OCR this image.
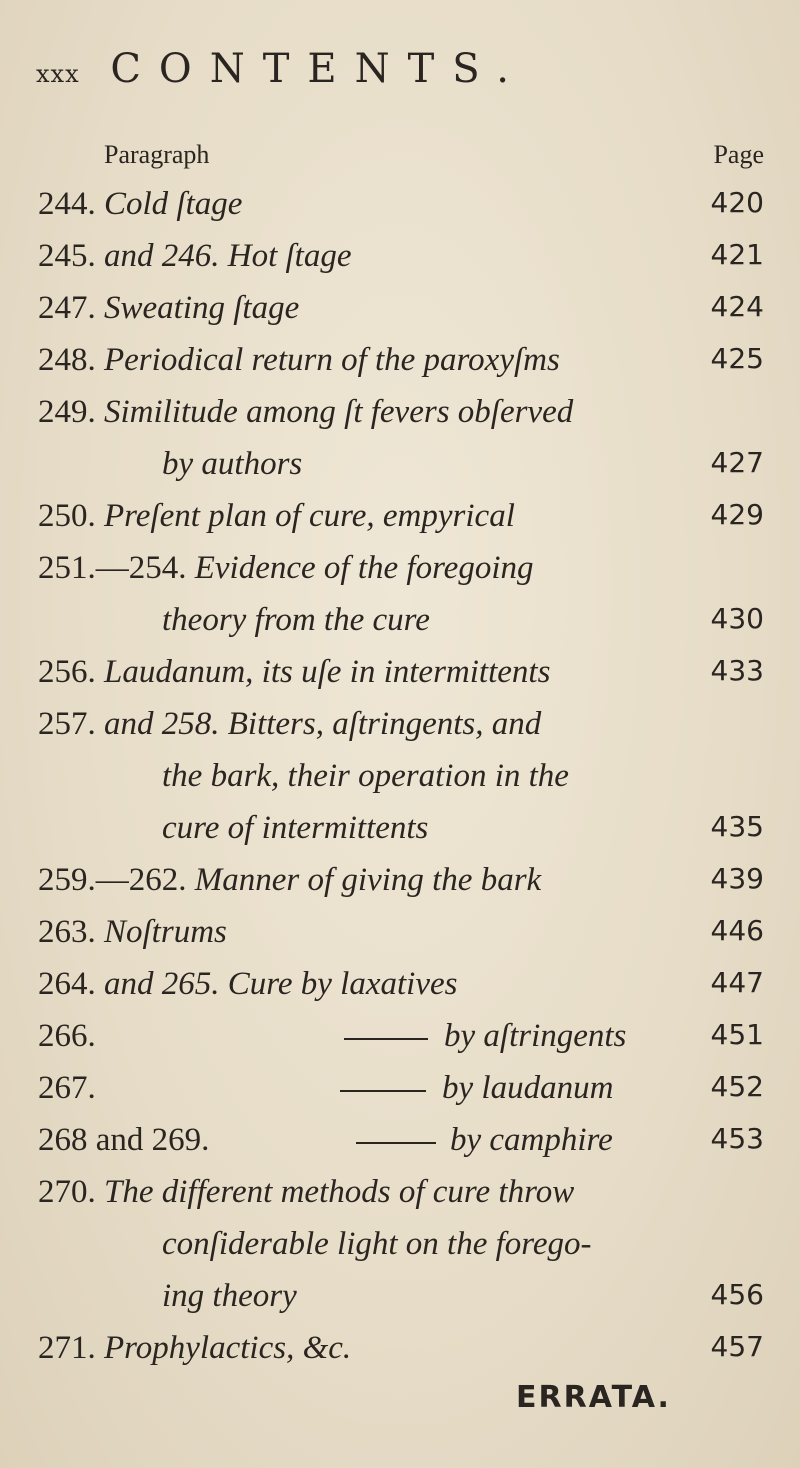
xxx CONTENTS.
Paragraph	Page
244. Cold ſtage	420
245. and 246. Hot ſtage	421
247. Sweating ſtage	424
248. Periodical return of the paroxyſms	425
249. Similitude among ſt fevers obſerved
by authors	427
250. Preſent plan of cure, empyrical	429
251.—254. Evidence of the foregoing
theory from the cure	430
256. Laudanum, its uſe in intermittents	433
257. and 258. Bitters, aſtringents, and
the bark, their operation in the
cure of intermittents	435
259.—262. Manner of giving the bark	439
263. Noſtrums	446
264. and 265. Cure by laxatives	447
266.	by aſtringents	451
267.	by laudanum	452
268 and 269.	by camphire	453
270. The different methods of cure throw
conſiderable light on the forego-
ing theory	456
271. Prophylactics, &c.	457
ERRATA.
